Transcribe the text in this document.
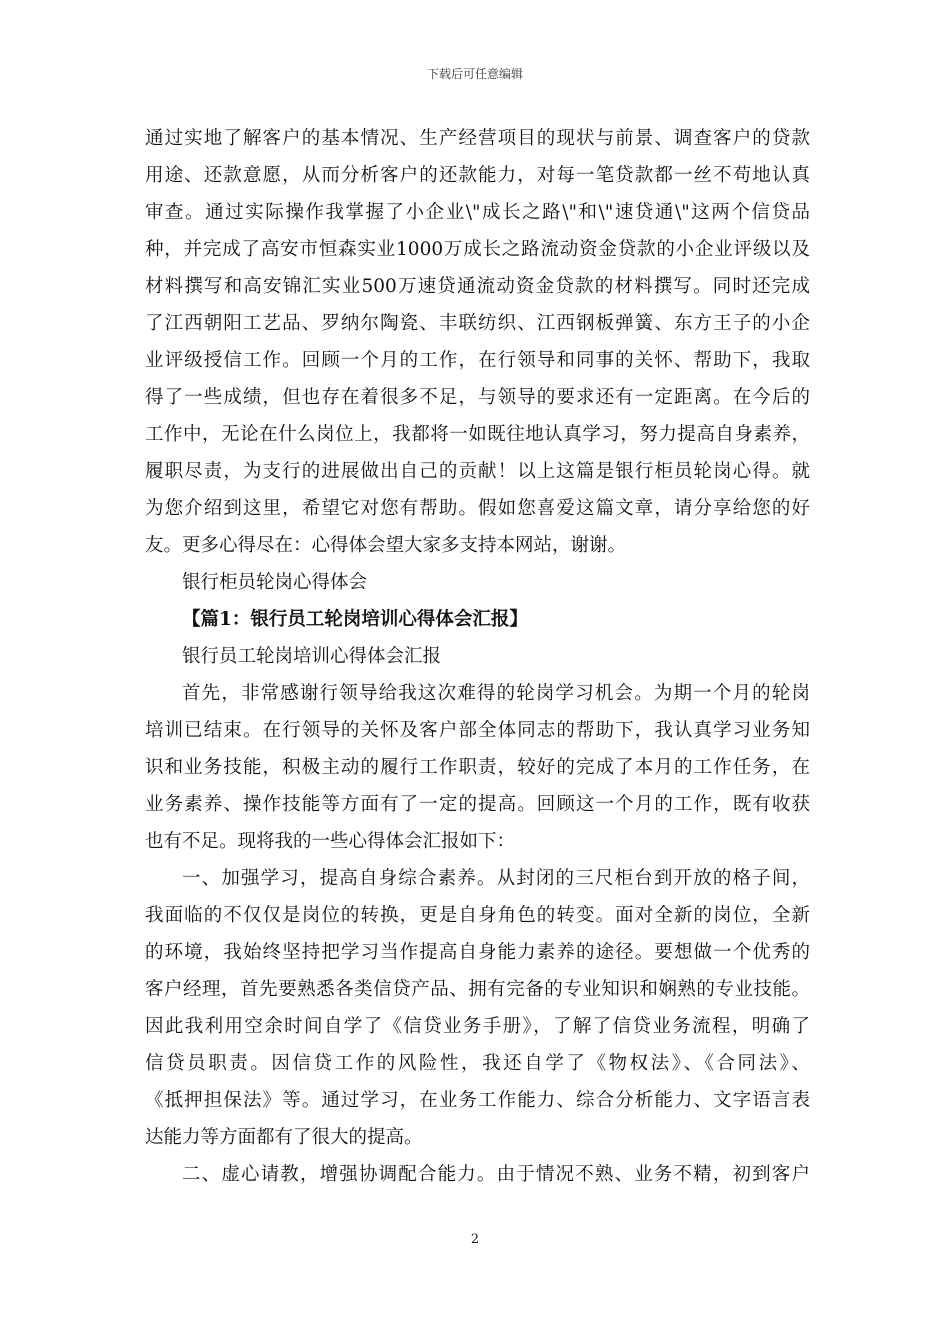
下载后可任意编辑
通过实地了解客户的基本情况、生产经营项目的现状与前景、调查客户的贷款
用途、还款意愿，从而分析客户的还款能力，对每一笔贷款都一丝不苟地认真
审查。通过实际操作我掌握了小企业\"成长之路\"和\"速贷通\"这两个信贷品
种，并完成了高安市恒森实业1000万成长之路流动资金贷款的小企业评级以及
材料撰写和高安锦汇实业500万速贷通流动资金贷款的材料撰写。同时还完成
了江西朝阳工艺品、罗纳尔陶瓷、丰联纺织、江西钢板弹簧、东方王子的小企
业评级授信工作。回顾一个月的工作，在行领导和同事的关怀、帮助下，我取
得了一些成绩，但也存在着很多不足，与领导的要求还有一定距离。在今后的
工作中，无论在什么岗位上，我都将一如既往地认真学习，努力提高自身素养，
履职尽责，为支行的进展做出自己的贡献！以上这篇是银行柜员轮岗心得。就
为您介绍到这里，希望它对您有帮助。假如您喜爱这篇文章，请分享给您的好
友。更多心得尽在：心得体会望大家多支持本网站，谢谢。
银行柜员轮岗心得体会
【篇1：银行员工轮岗培训心得体会汇报】
银行员工轮岗培训心得体会汇报
首先，非常感谢行领导给我这次难得的轮岗学习机会。为期一个月的轮岗
培训已结束。在行领导的关怀及客户部全体同志的帮助下，我认真学习业务知
识和业务技能，积极主动的履行工作职责，较好的完成了本月的工作任务，在
业务素养、操作技能等方面有了一定的提高。回顾这一个月的工作，既有收获
也有不足。现将我的一些心得体会汇报如下：
一、加强学习，提高自身综合素养。从封闭的三尺柜台到开放的格子间，
我面临的不仅仅是岗位的转换，更是自身角色的转变。面对全新的岗位，全新
的环境，我始终坚持把学习当作提高自身能力素养的途径。要想做一个优秀的
客户经理，首先要熟悉各类信贷产品、拥有完备的专业知识和娴熟的专业技能。
因此我利用空余时间自学了《信贷业务手册》，了解了信贷业务流程，明确了
信贷员职责。因信贷工作的风险性，我还自学了《物权法》、《合同法》、
《抵押担保法》等。通过学习，在业务工作能力、综合分析能力、文字语言表
达能力等方面都有了很大的提高。
二、虚心请教，增强协调配合能力。由于情况不熟、业务不精，初到客户
2
